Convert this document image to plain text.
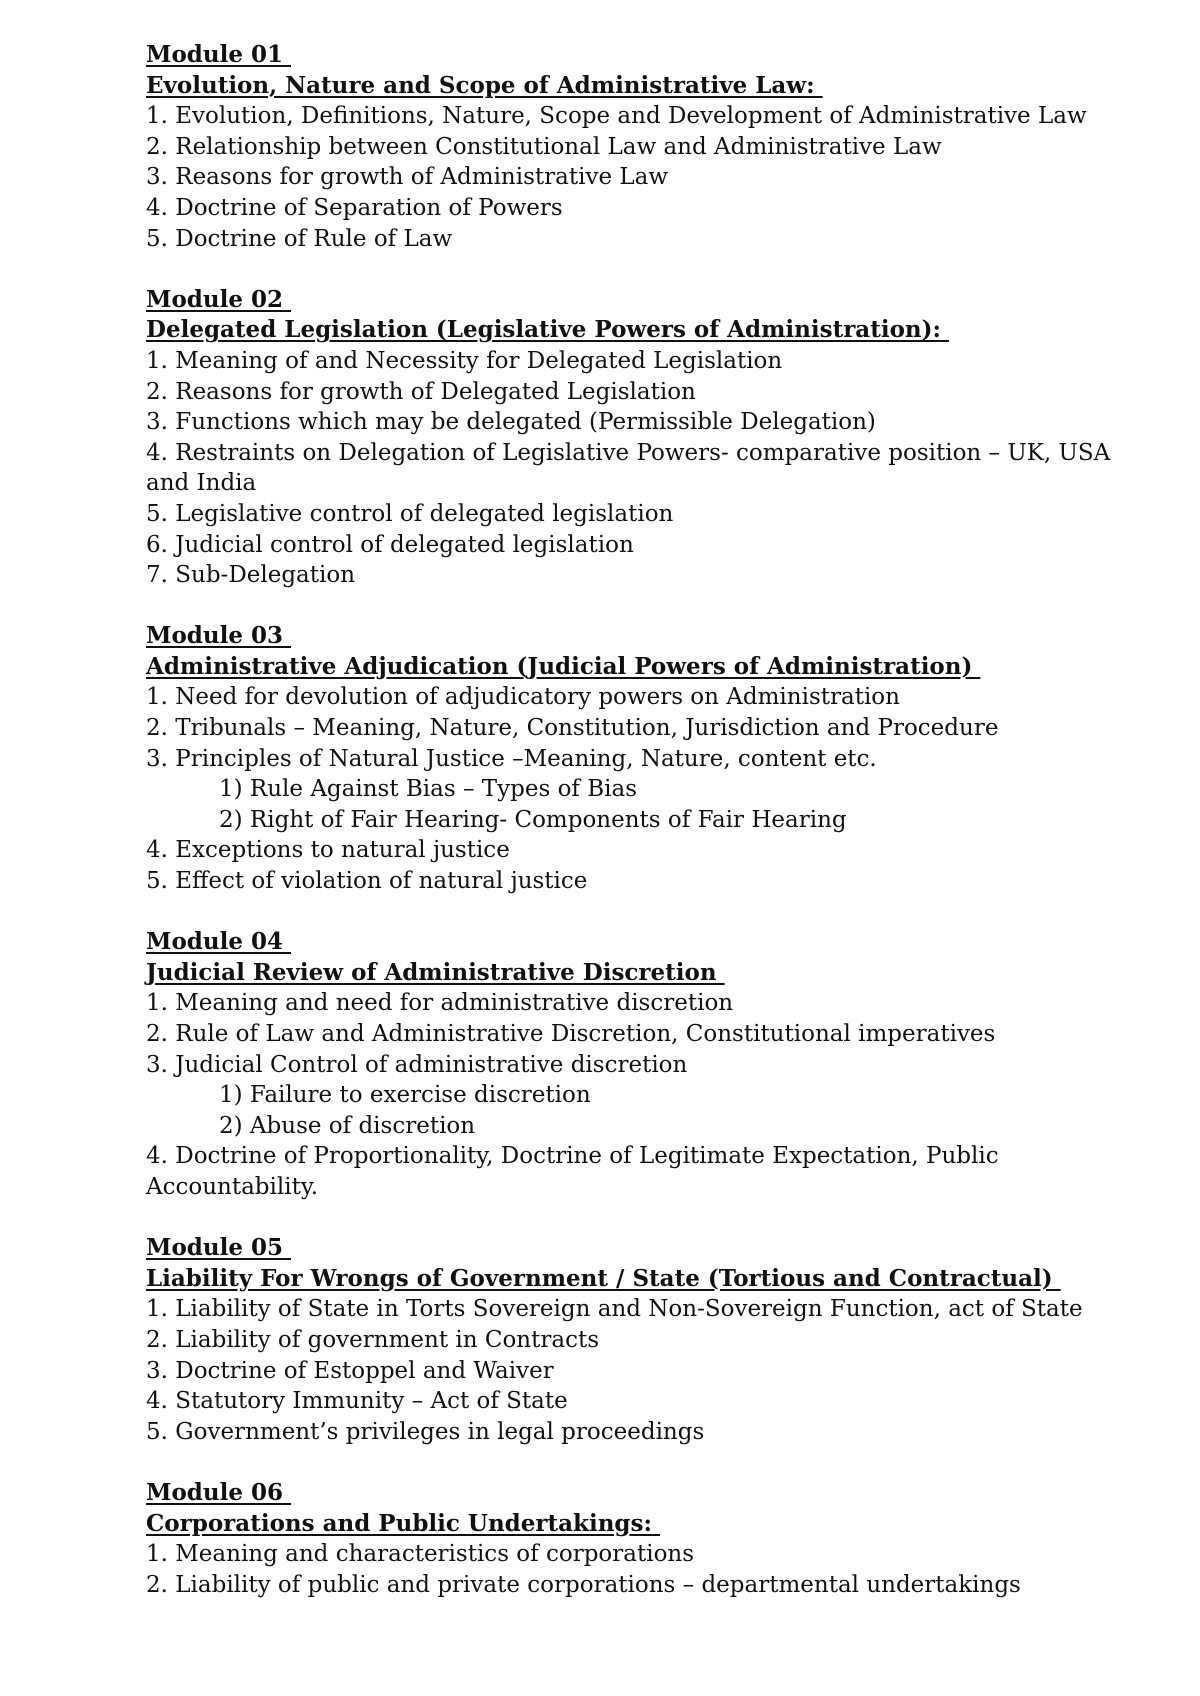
Module 01
Evolution, Nature and Scope of Administrative Law:
1. Evolution, Definitions, Nature, Scope and Development of Administrative Law
2. Relationship between Constitutional Law and Administrative Law
3. Reasons for growth of Administrative Law
4. Doctrine of Separation of Powers
5. Doctrine of Rule of Law
Module 02
Delegated Legislation (Legislative Powers of Administration):
1. Meaning of and Necessity for Delegated Legislation
2. Reasons for growth of Delegated Legislation
3. Functions which may be delegated (Permissible Delegation)
4. Restraints on Delegation of Legislative Powers- comparative position – UK, USA and India
5. Legislative control of delegated legislation
6. Judicial control of delegated legislation
7. Sub-Delegation
Module 03
Administrative Adjudication (Judicial Powers of Administration)
1. Need for devolution of adjudicatory powers on Administration
2. Tribunals – Meaning, Nature, Constitution, Jurisdiction and Procedure
3. Principles of Natural Justice –Meaning, Nature, content etc.
1) Rule Against Bias – Types of Bias
2) Right of Fair Hearing- Components of Fair Hearing
4. Exceptions to natural justice
5. Effect of violation of natural justice
Module 04
Judicial Review of Administrative Discretion
1. Meaning and need for administrative discretion
2. Rule of Law and Administrative Discretion, Constitutional imperatives
3. Judicial Control of administrative discretion
1) Failure to exercise discretion
2) Abuse of discretion
4. Doctrine of Proportionality, Doctrine of Legitimate Expectation, Public Accountability.
Module 05
Liability For Wrongs of Government / State (Tortious and Contractual)
1. Liability of State in Torts Sovereign and Non-Sovereign Function, act of State
2. Liability of government in Contracts
3. Doctrine of Estoppel and Waiver
4. Statutory Immunity – Act of State
5. Government’s privileges in legal proceedings
Module 06
Corporations and Public Undertakings:
1. Meaning and characteristics of corporations
2. Liability of public and private corporations – departmental undertakings
